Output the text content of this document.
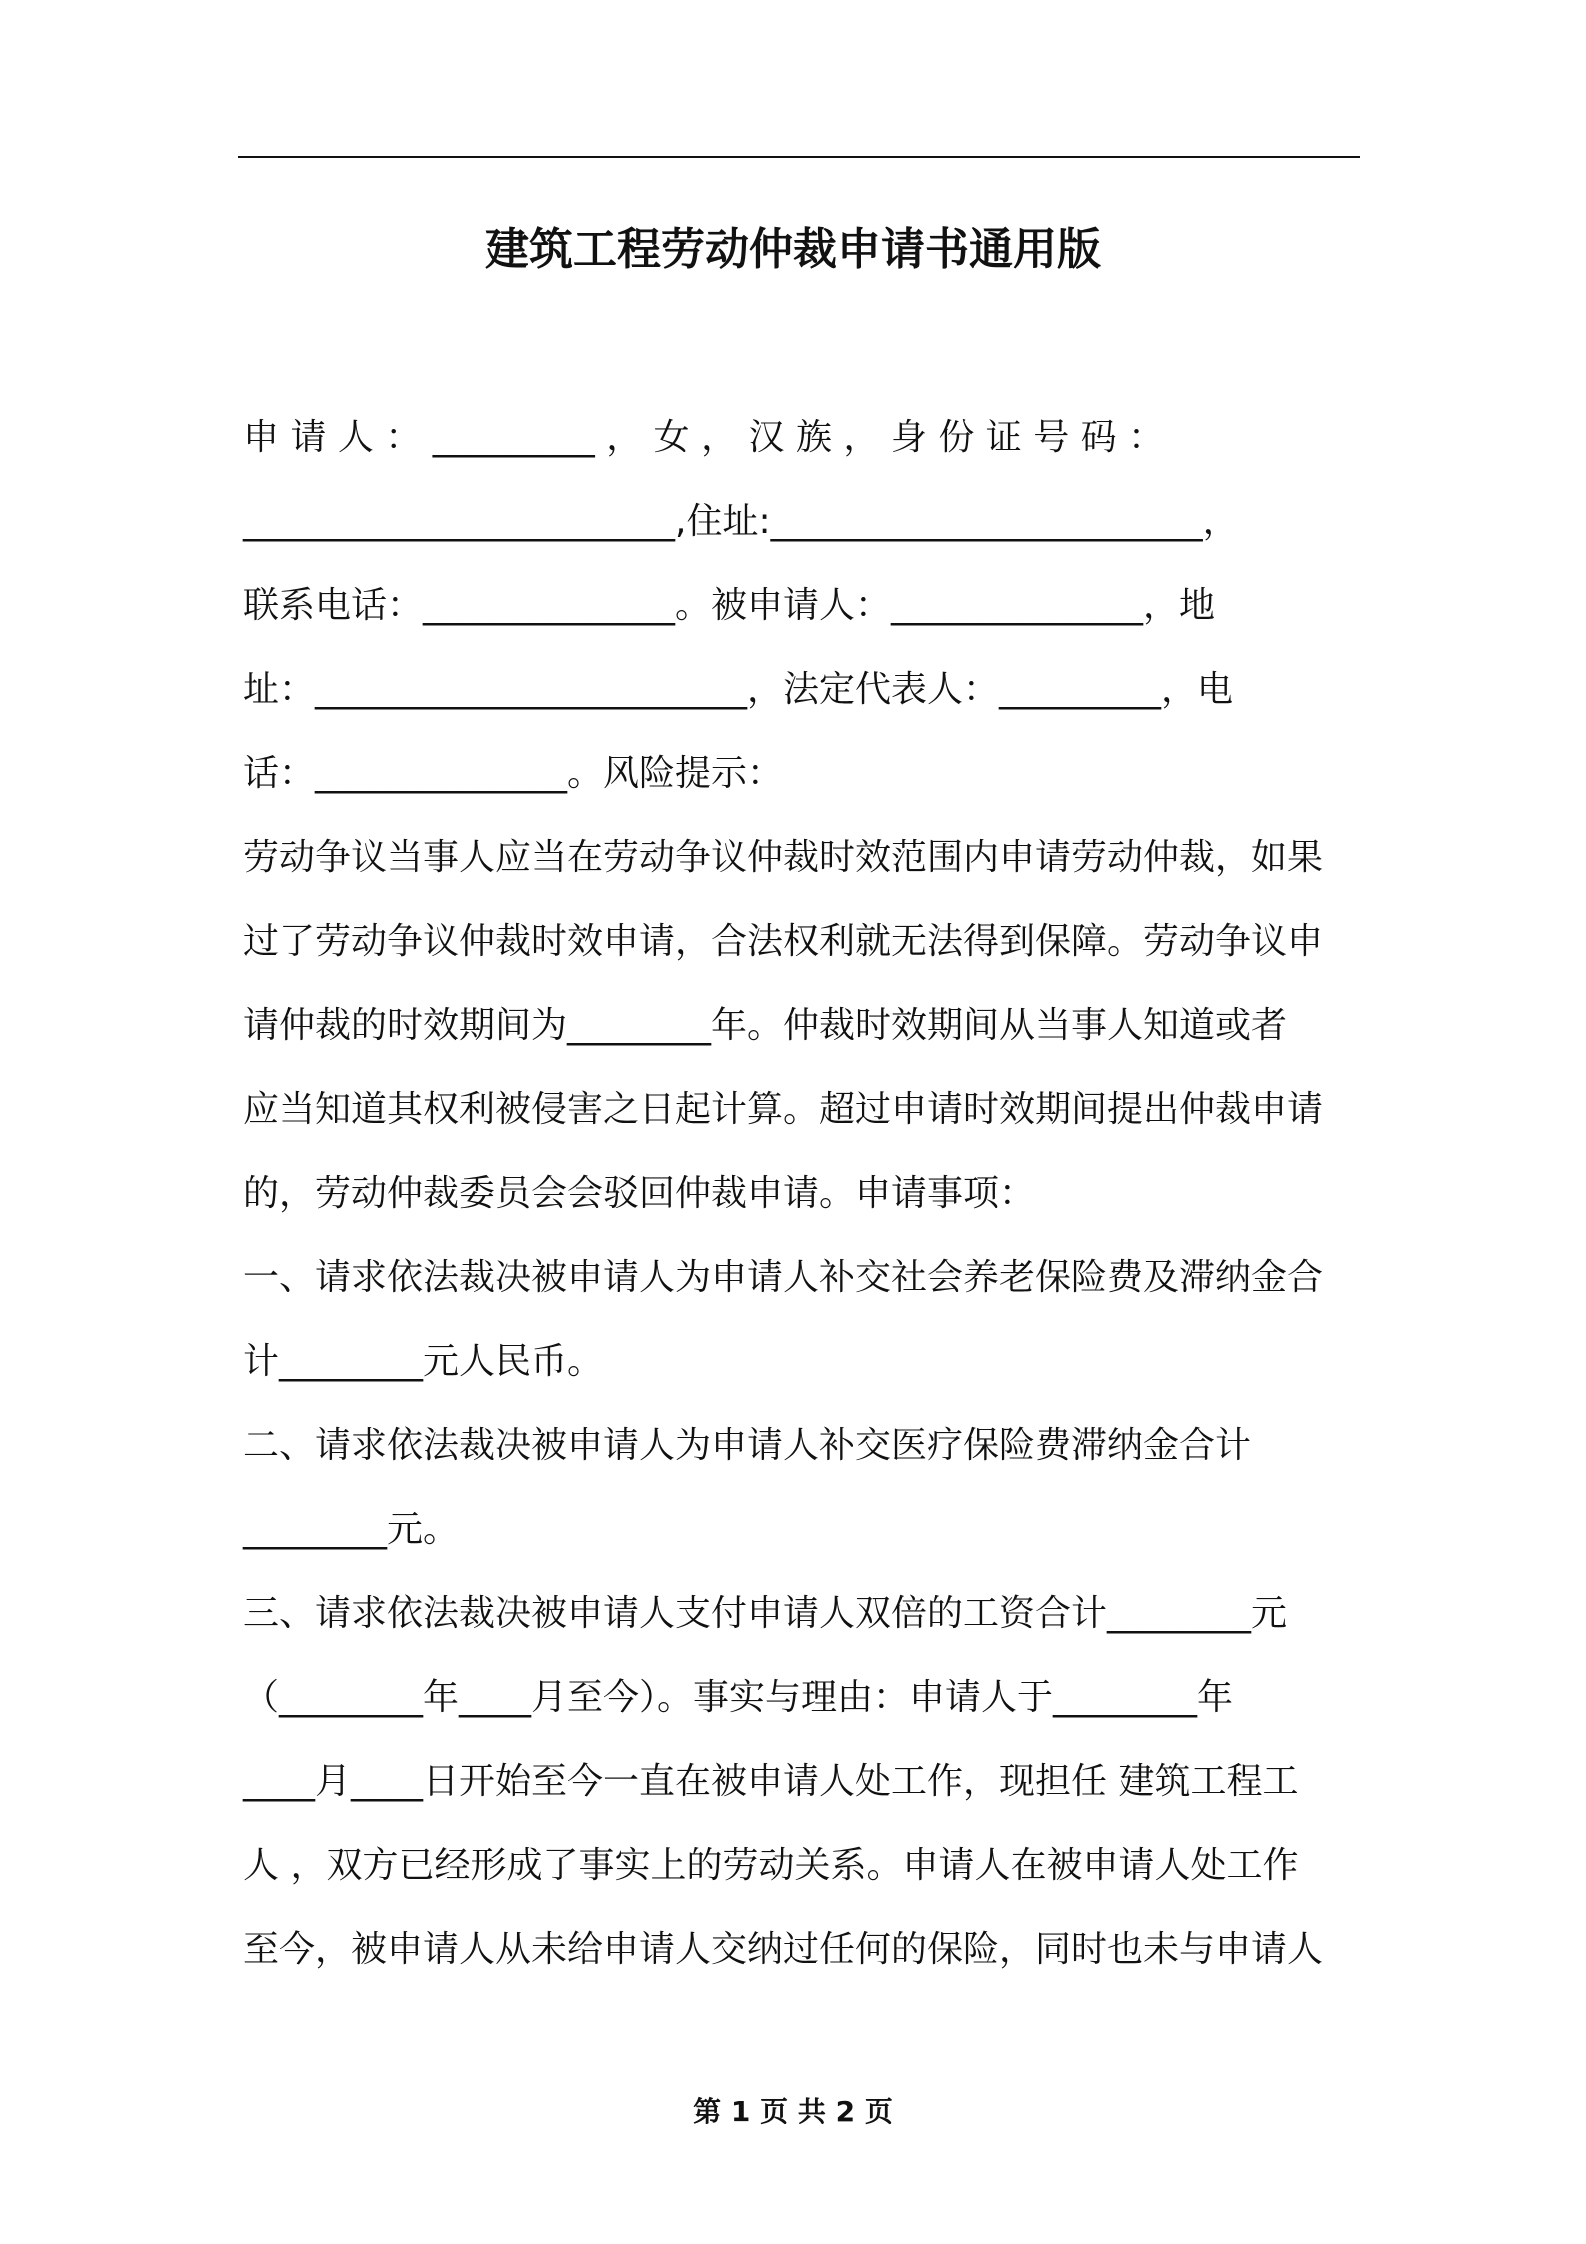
建筑工程劳动仲裁申请书通用版
申 请 人 ： _________ ， 女 ， 汉 族 ， 身 份 证 号 码 ：
________________________,住址:________________________，
联系电话：______________。被申请人：______________，地
址：________________________，法定代表人：_________，电
话：______________。风险提示：
劳动争议当事人应当在劳动争议仲裁时效范围内申请劳动仲裁，如果
过了劳动争议仲裁时效申请，合法权利就无法得到保障。劳动争议申
请仲裁的时效期间为________年。仲裁时效期间从当事人知道或者
应当知道其权利被侵害之日起计算。超过申请时效期间提出仲裁申请
的，劳动仲裁委员会会驳回仲裁申请。申请事项：
一、请求依法裁决被申请人为申请人补交社会养老保险费及滞纳金合
计________元人民币。
二、请求依法裁决被申请人为申请人补交医疗保险费滞纳金合计
________元。
三、请求依法裁决被申请人支付申请人双倍的工资合计________元
（________年____月至今）。事实与理由：申请人于________年
____月____日开始至今一直在被申请人处工作，现担任 建筑工程工
人 ，双方已经形成了事实上的劳动关系。申请人在被申请人处工作
至今，被申请人从未给申请人交纳过任何的保险，同时也未与申请人
第 1 页 共 2 页
